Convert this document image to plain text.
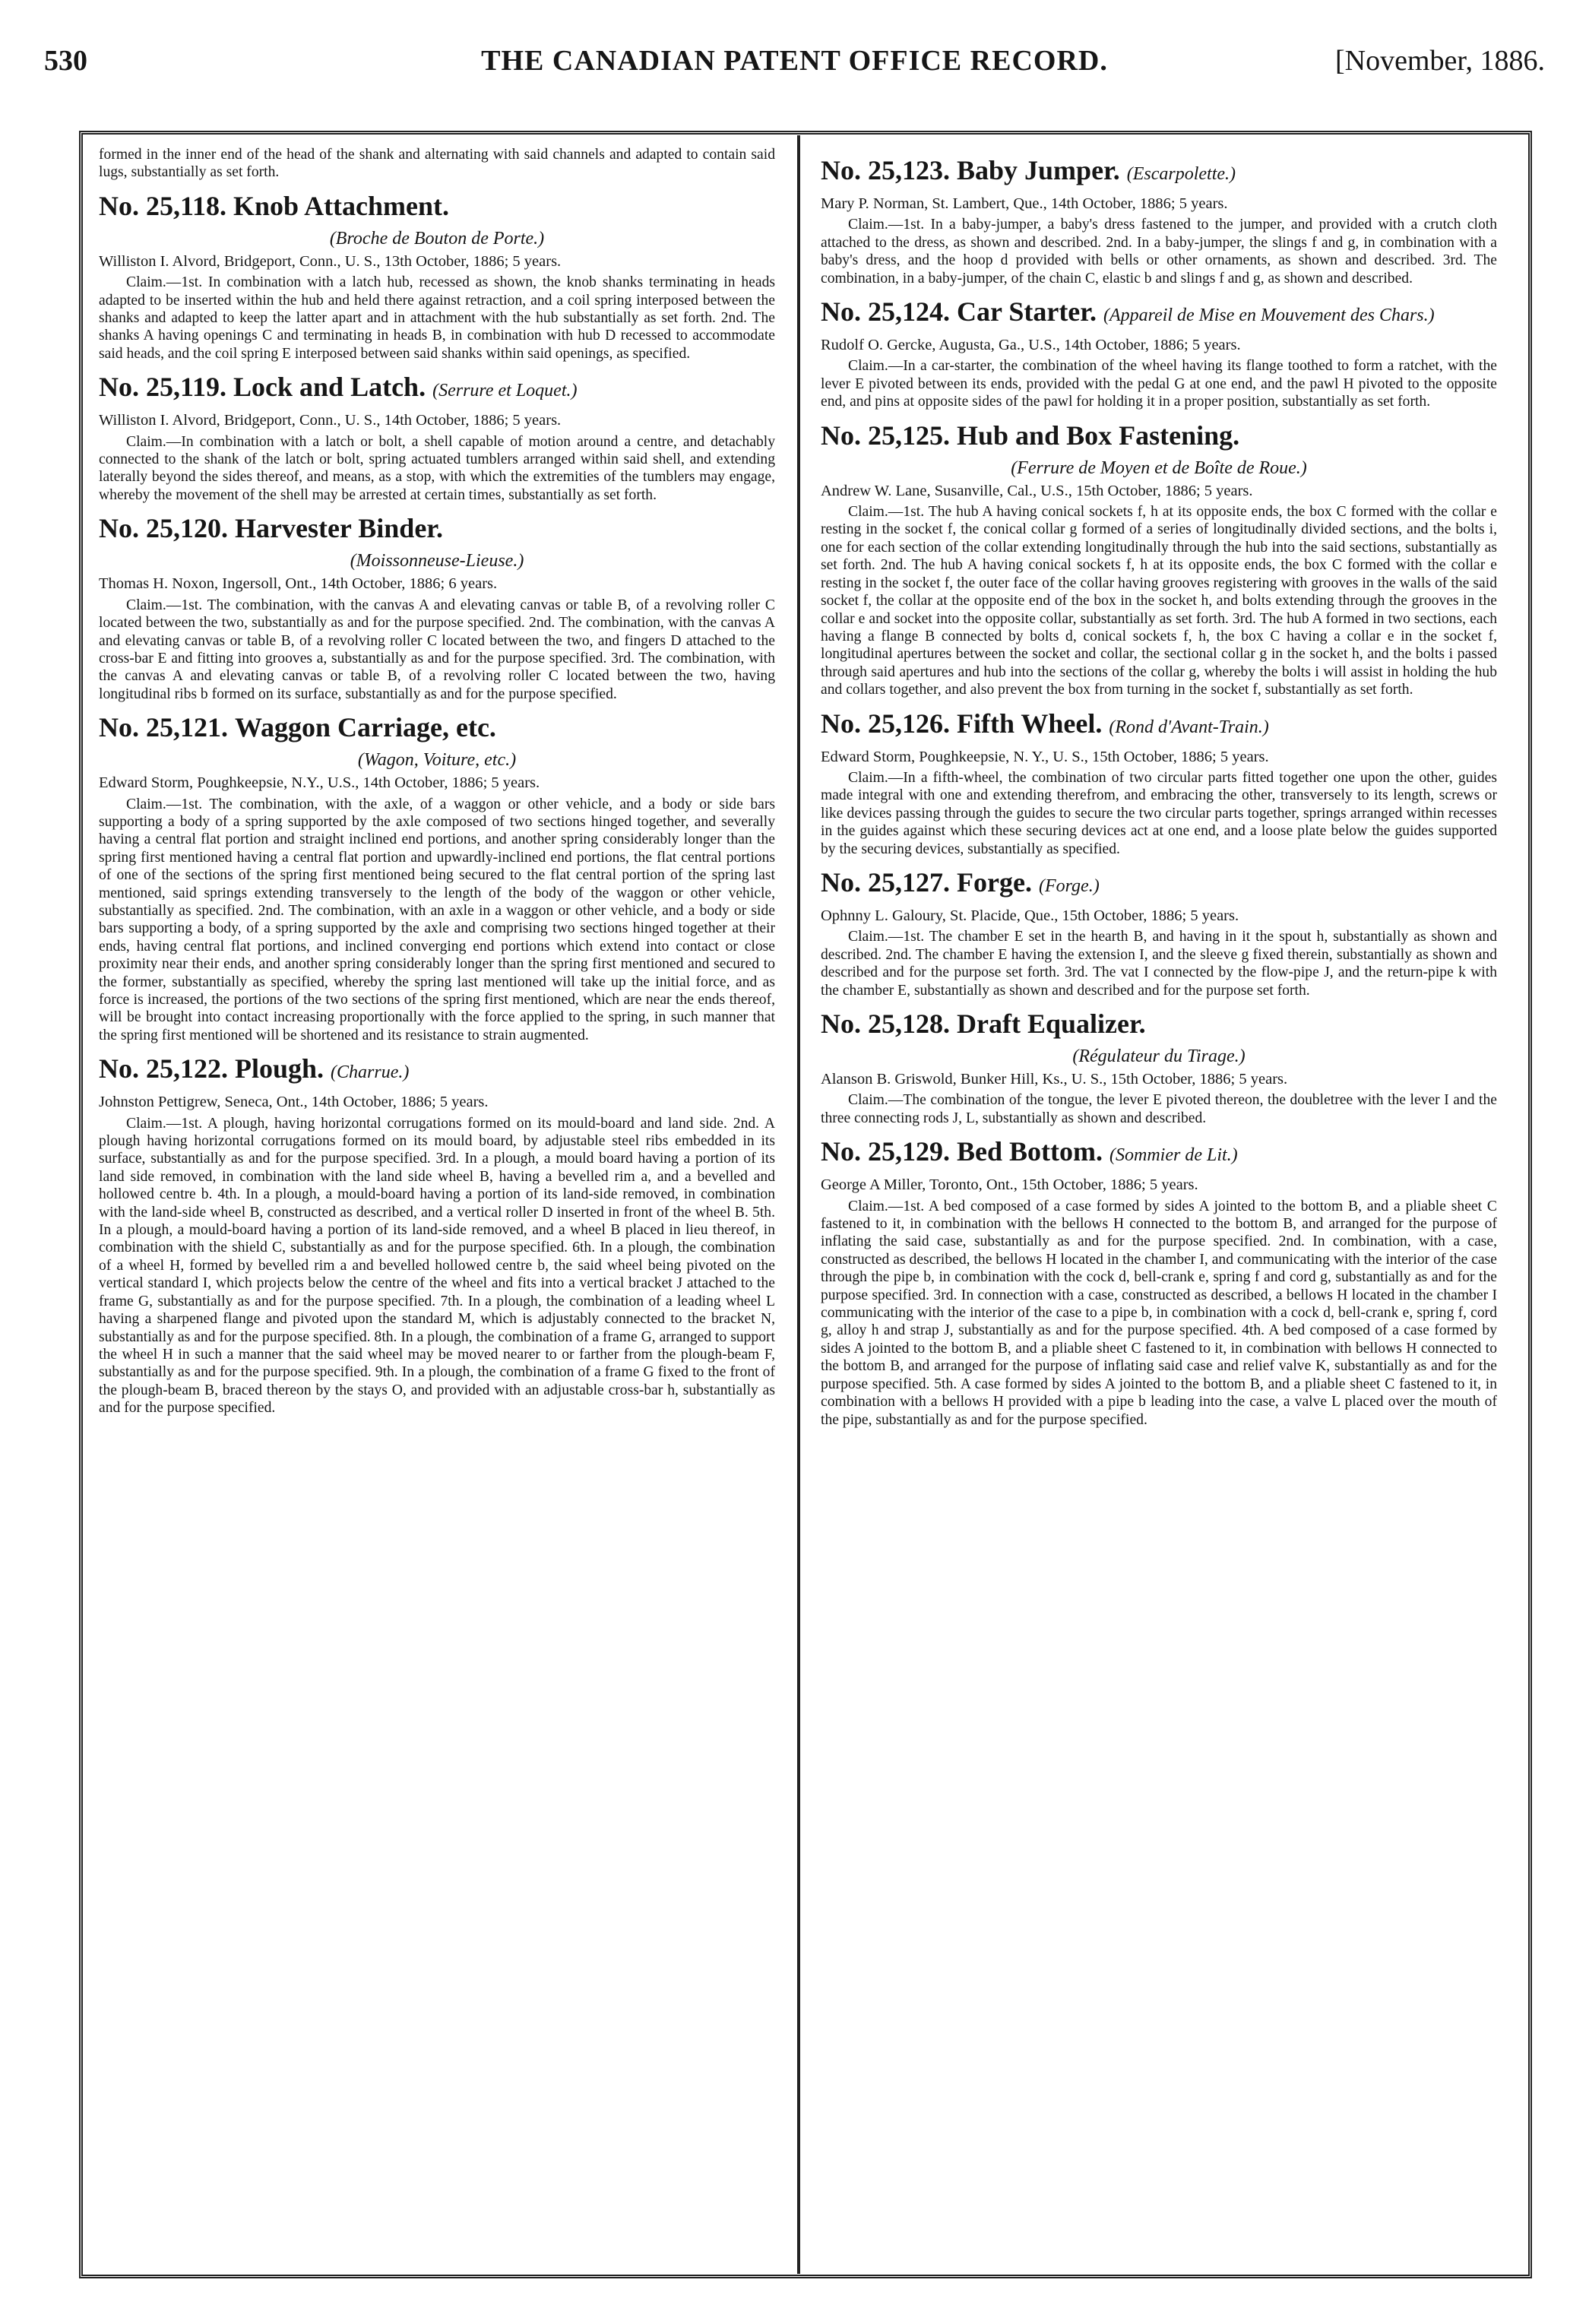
530	THE CANADIAN PATENT OFFICE RECORD.	[November, 1886.

formed in the inner end of the head of the shank and alternating with said channels and adapted to contain said lugs, substantially as set forth.

No. 25,118. Knob Attachment.
(Broche de Bouton de Porte.)

Williston I. Alvord, Bridgeport, Conn., U. S., 13th October, 1886; 5 years.

Claim.—1st. In combination with a latch hub, recessed as shown, the knob shanks terminating in heads adapted to be inserted within the hub and held there against retraction, and a coil spring interposed between the shanks and adapted to keep the latter apart and in attachment with the hub substantially as set forth. 2nd. The shanks A having openings C and terminating in heads B, in combination with hub D recessed to accommodate said heads, and the coil spring E interposed between said shanks within said openings, as specified.

No. 25,119. Lock and Latch. (Serrure et Loquet.)

Williston I. Alvord, Bridgeport, Conn., U. S., 14th October, 1886; 5 years.

Claim.—In combination with a latch or bolt, a shell capable of motion around a centre, and detachably connected to the shank of the latch or bolt, spring actuated tumblers arranged within said shell, and extending laterally beyond the sides thereof, and means, as a stop, with which the extremities of the tumblers may engage, whereby the movement of the shell may be arrested at certain times, substantially as set forth.

No. 25,120. Harvester Binder.
(Moissonneuse-Lieuse.)

Thomas H. Noxon, Ingersoll, Ont., 14th October, 1886; 6 years.

Claim.—1st. The combination, with the canvas A and elevating canvas or table B, of a revolving roller C located between the two, substantially as and for the purpose specified. 2nd. The combination, with the canvas A and elevating canvas or table B, of a revolving roller C located between the two, and fingers D attached to the cross-bar E and fitting into grooves a, substantially as and for the purpose specified. 3rd. The combination, with the canvas A and elevating canvas or table B, of a revolving roller C located between the two, having longitudinal ribs b formed on its surface, substantially as and for the purpose specified.

No. 25,121. Waggon Carriage, etc.
(Wagon, Voiture, etc.)

Edward Storm, Poughkeepsie, N.Y., U.S., 14th October, 1886; 5 years.

Claim.—1st. The combination, with the axle, of a waggon or other vehicle, and a body or side bars supporting a body of a spring supported by the axle composed of two sections hinged together, and severally having a central flat portion and straight inclined end portions, and another spring considerably longer than the spring first mentioned having a central flat portion and upwardly-inclined end portions, the flat central portions of one of the sections of the spring first mentioned being secured to the flat central portion of the spring last mentioned, said springs extending transversely to the length of the body of the waggon or other vehicle, substantially as specified. 2nd. The combination, with an axle in a waggon or other vehicle, and a body or side bars supporting a body, of a spring supported by the axle and comprising two sections hinged together at their ends, having central flat portions, and inclined converging end portions which extend into contact or close proximity near their ends, and another spring considerably longer than the spring first mentioned and secured to the former, substantially as specified, whereby the spring last mentioned will take up the initial force, and as force is increased, the portions of the two sections of the spring first mentioned, which are near the ends thereof, will be brought into contact increasing proportionally with the force applied to the spring, in such manner that the spring first mentioned will be shortened and its resistance to strain augmented.

No. 25,122. Plough. (Charrue.)

Johnston Pettigrew, Seneca, Ont., 14th October, 1886; 5 years.

Claim.—1st. A plough, having horizontal corrugations formed on its mould-board and land side. 2nd. A plough having horizontal corrugations formed on its mould board, by adjustable steel ribs embedded in its surface, substantially as and for the purpose specified. 3rd. In a plough, a mould board having a portion of its land side removed, in combination with the land side wheel B, having a bevelled rim a, and a bevelled and hollowed centre b. 4th. In a plough, a mould-board having a portion of its land-side removed, in combination with the land-side wheel B, constructed as described, and a vertical roller D inserted in front of the wheel B. 5th. In a plough, a mould-board having a portion of its land-side removed, and a wheel B placed in lieu thereof, in combination with the shield C, substantially as and for the purpose specified. 6th. In a plough, the combination of a wheel H, formed by bevelled rim a and bevelled hollowed centre b, the said wheel being pivoted on the vertical standard I, which projects below the centre of the wheel and fits into a vertical bracket J attached to the frame G, substantially as and for the purpose specified. 7th. In a plough, the combination of a leading wheel L having a sharpened flange and pivoted upon the standard M, which is adjustably connected to the bracket N, substantially as and for the purpose specified. 8th. In a plough, the combination of a frame G, arranged to support the wheel H in such a manner that the said wheel may be moved nearer to or farther from the plough-beam F, substantially as and for the purpose specified. 9th. In a plough, the combination of a frame G fixed to the front of the plough-beam B, braced thereon by the stays O, and provided with an adjustable cross-bar h, substantially as and for the purpose specified.

No. 25,123. Baby Jumper. (Escarpolette.)

Mary P. Norman, St. Lambert, Que., 14th October, 1886; 5 years.

Claim.—1st. In a baby-jumper, a baby's dress fastened to the jumper, and provided with a crutch cloth attached to the dress, as shown and described. 2nd. In a baby-jumper, the slings f and g, in combination with a baby's dress, and the hoop d provided with bells or other ornaments, as shown and described. 3rd. The combination, in a baby-jumper, of the chain C, elastic b and slings f and g, as shown and described.

No. 25,124. Car Starter. (Appareil de Mise en Mouvement des Chars.)

Rudolf O. Gercke, Augusta, Ga., U.S., 14th October, 1886; 5 years.

Claim.—In a car-starter, the combination of the wheel having its flange toothed to form a ratchet, with the lever E pivoted between its ends, provided with the pedal G at one end, and the pawl H pivoted to the opposite end, and pins at opposite sides of the pawl for holding it in a proper position, substantially as set forth.

No. 25,125. Hub and Box Fastening.
(Ferrure de Moyen et de Boîte de Roue.)

Andrew W. Lane, Susanville, Cal., U.S., 15th October, 1886; 5 years.

Claim.—1st. The hub A having conical sockets f, h at its opposite ends, the box C formed with the collar e resting in the socket f, the conical collar g formed of a series of longitudinally divided sections, and the bolts i, one for each section of the collar extending longitudinally through the hub into the said sections, substantially as set forth. 2nd. The hub A having conical sockets f, h at its opposite ends, the box C formed with the collar e resting in the socket f, the outer face of the collar having grooves registering with grooves in the walls of the said socket f, the collar at the opposite end of the box in the socket h, and bolts extending through the grooves in the collar e and socket into the opposite collar, substantially as set forth. 3rd. The hub A formed in two sections, each having a flange B connected by bolts d, conical sockets f, h, the box C having a collar e in the socket f, longitudinal apertures between the socket and collar, the sectional collar g in the socket h, and the bolts i passed through said apertures and hub into the sections of the collar g, whereby the bolts i will assist in holding the hub and collars together, and also prevent the box from turning in the socket f, substantially as set forth.

No. 25,126. Fifth Wheel. (Rond d'Avant-Train.)

Edward Storm, Poughkeepsie, N. Y., U. S., 15th October, 1886; 5 years.

Claim.—In a fifth-wheel, the combination of two circular parts fitted together one upon the other, guides made integral with one and extending therefrom, and embracing the other, transversely to its length, screws or like devices passing through the guides to secure the two circular parts together, springs arranged within recesses in the guides against which these securing devices act at one end, and a loose plate below the guides supported by the securing devices, substantially as specified.

No. 25,127. Forge. (Forge.)

Ophnny L. Galoury, St. Placide, Que., 15th October, 1886; 5 years.

Claim.—1st. The chamber E set in the hearth B, and having in it the spout h, substantially as shown and described. 2nd. The chamber E having the extension I, and the sleeve g fixed therein, substantially as shown and described and for the purpose set forth. 3rd. The vat I connected by the flow-pipe J, and the return-pipe k with the chamber E, substantially as shown and described and for the purpose set forth.

No. 25,128. Draft Equalizer.
(Régulateur du Tirage.)

Alanson B. Griswold, Bunker Hill, Ks., U. S., 15th October, 1886; 5 years.

Claim.—The combination of the tongue, the lever E pivoted thereon, the doubletree with the lever I and the three connecting rods J, L, substantially as shown and described.

No. 25,129. Bed Bottom. (Sommier de Lit.)

George A Miller, Toronto, Ont., 15th October, 1886; 5 years.

Claim.—1st. A bed composed of a case formed by sides A jointed to the bottom B, and a pliable sheet C fastened to it, in combination with the bellows H connected to the bottom B, and arranged for the purpose of inflating the said case, substantially as and for the purpose specified. 2nd. In combination, with a case, constructed as described, the bellows H located in the chamber I, and communicating with the interior of the case through the pipe b, in combination with the cock d, bell-crank e, spring f and cord g, substantially as and for the purpose specified. 3rd. In connection with a case, constructed as described, a bellows H located in the chamber I communicating with the interior of the case to a pipe b, in combination with a cock d, bell-crank e, spring f, cord g, alloy h and strap J, substantially as and for the purpose specified. 4th. A bed composed of a case formed by sides A jointed to the bottom B, and a pliable sheet C fastened to it, in combination with bellows H connected to the bottom B, and arranged for the purpose of inflating said case and relief valve K, substantially as and for the purpose specified. 5th. A case formed by sides A jointed to the bottom B, and a pliable sheet C fastened to it, in combination with a bellows H provided with a pipe b leading into the case, a valve L placed over the mouth of the pipe, substantially as and for the purpose specified.
